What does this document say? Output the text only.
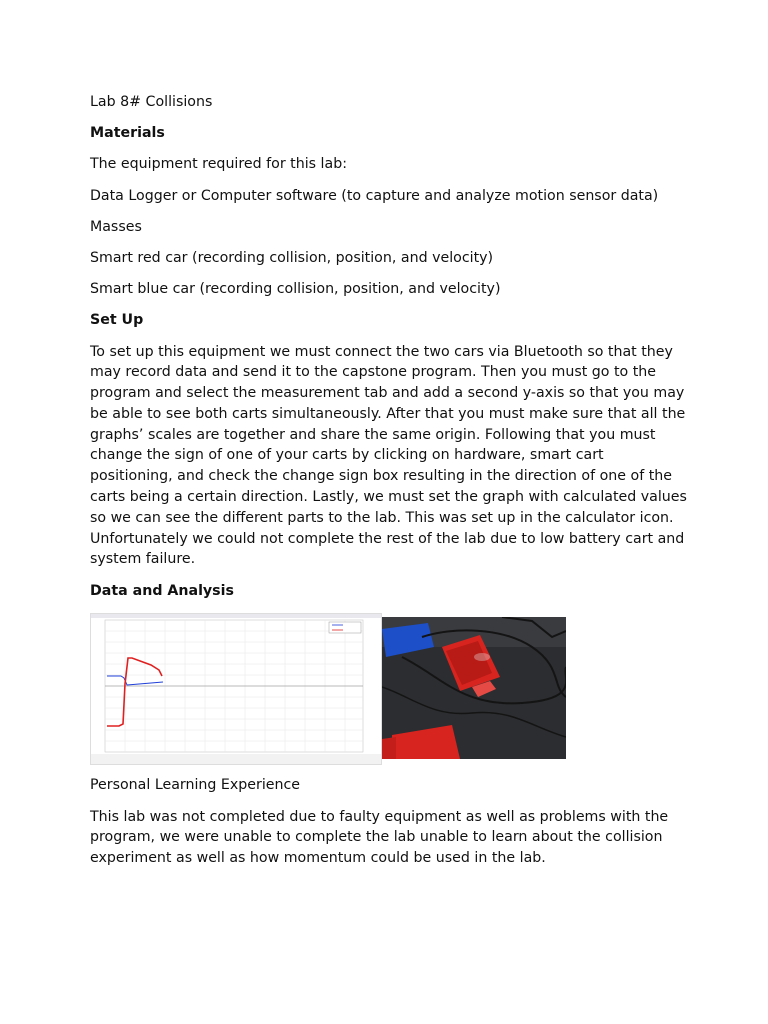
Lab 8# Collisions

Materials

The equipment required for this lab:

Data Logger or Computer software (to capture and analyze motion sensor data)

Masses

Smart red car (recording collision, position, and velocity)

Smart blue car (recording collision, position, and velocity)

Set Up

To set up this equipment we must connect the two cars via Bluetooth so that they may record data and send it to the capstone program. Then you must go to the program and select the measurement tab and add a second y-axis so that you may be able to see both carts simultaneously. After that you must make sure that all the graphs’ scales are together and share the same origin. Following that you must change the sign of one of your carts by clicking on hardware, smart cart positioning, and check the change sign box resulting in the direction of one of the carts being a certain direction. Lastly, we must set the graph with calculated values so we can see the different parts to the lab. This was set up in the calculator icon. Unfortunately we could not complete the rest of the lab due to low battery cart and system failure.

Data and Analysis

Personal Learning Experience

This lab was not completed due to faulty equipment as well as problems with the program, we were unable to complete the lab unable to learn about the collision experiment as well as how momentum could be used in the lab.
